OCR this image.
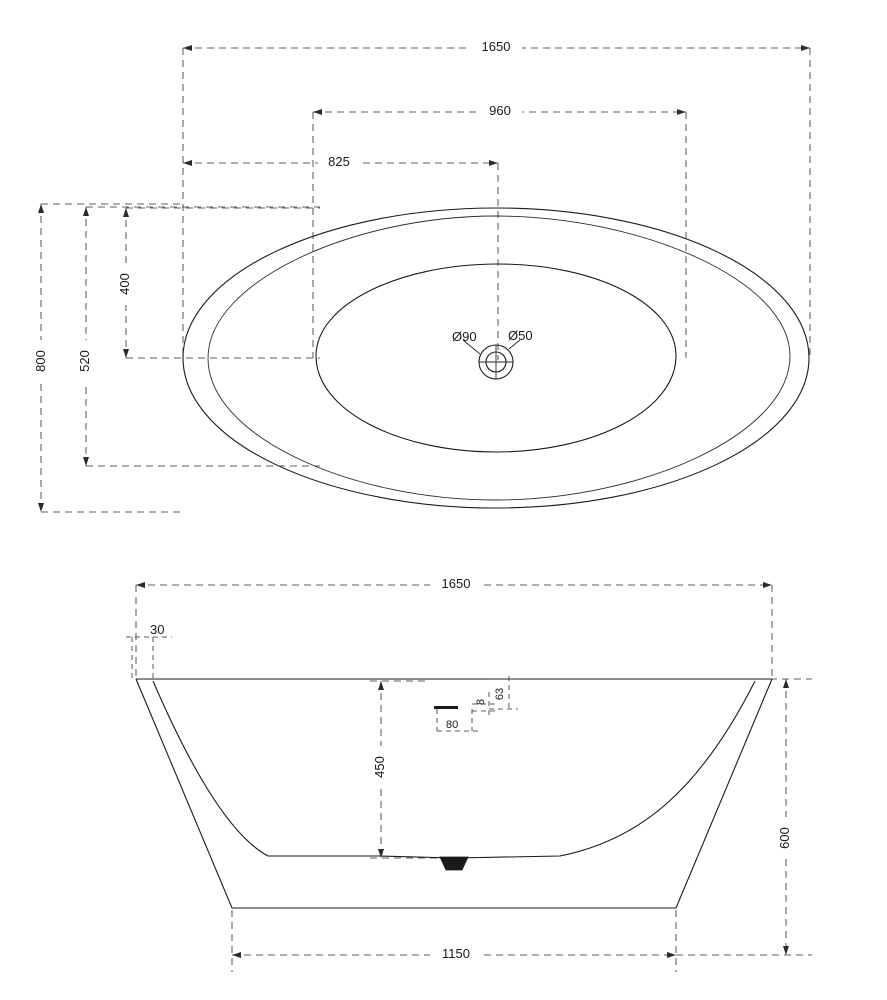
1650
960
825
800 520
400
Ø90 Ø50
1650
30
450
600
1150
80
8
63
